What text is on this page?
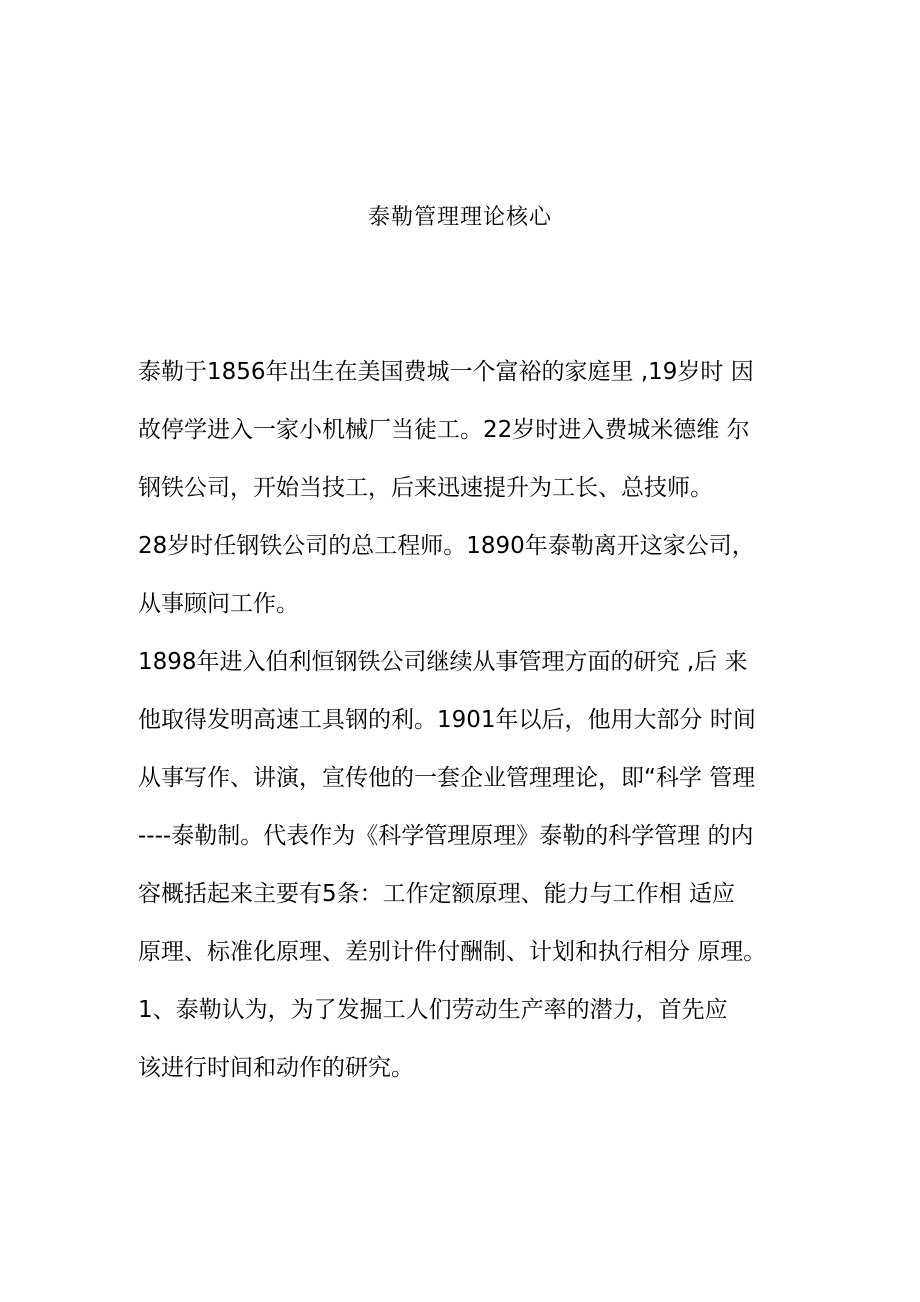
泰勒管理理论核心
泰勒于1856年出生在美国费城一个富裕的家庭里 ,19岁时 因
故停学进入一家小机械厂当徒工。22岁时进入费城米德维 尔
钢铁公司，开始当技工，后来迅速提升为工长、总技师。
28岁时任钢铁公司的总工程师。1890年泰勒离开这家公司，
从事顾问工作。
1898年进入伯利恒钢铁公司继续从事管理方面的研究 ,后 来
他取得发明高速工具钢的利。1901年以后，他用大部分 时间
从事写作、讲演，宣传他的一套企业管理理论，即“科学 管理
----泰勒制。代表作为《科学管理原理》泰勒的科学管理 的内
容概括起来主要有5条：工作定额原理、能力与工作相 适应
原理、标准化原理、差别计件付酬制、计划和执行相分 原理。
1、泰勒认为，为了发掘工人们劳动生产率的潜力，首先应
该进行时间和动作的研究。
